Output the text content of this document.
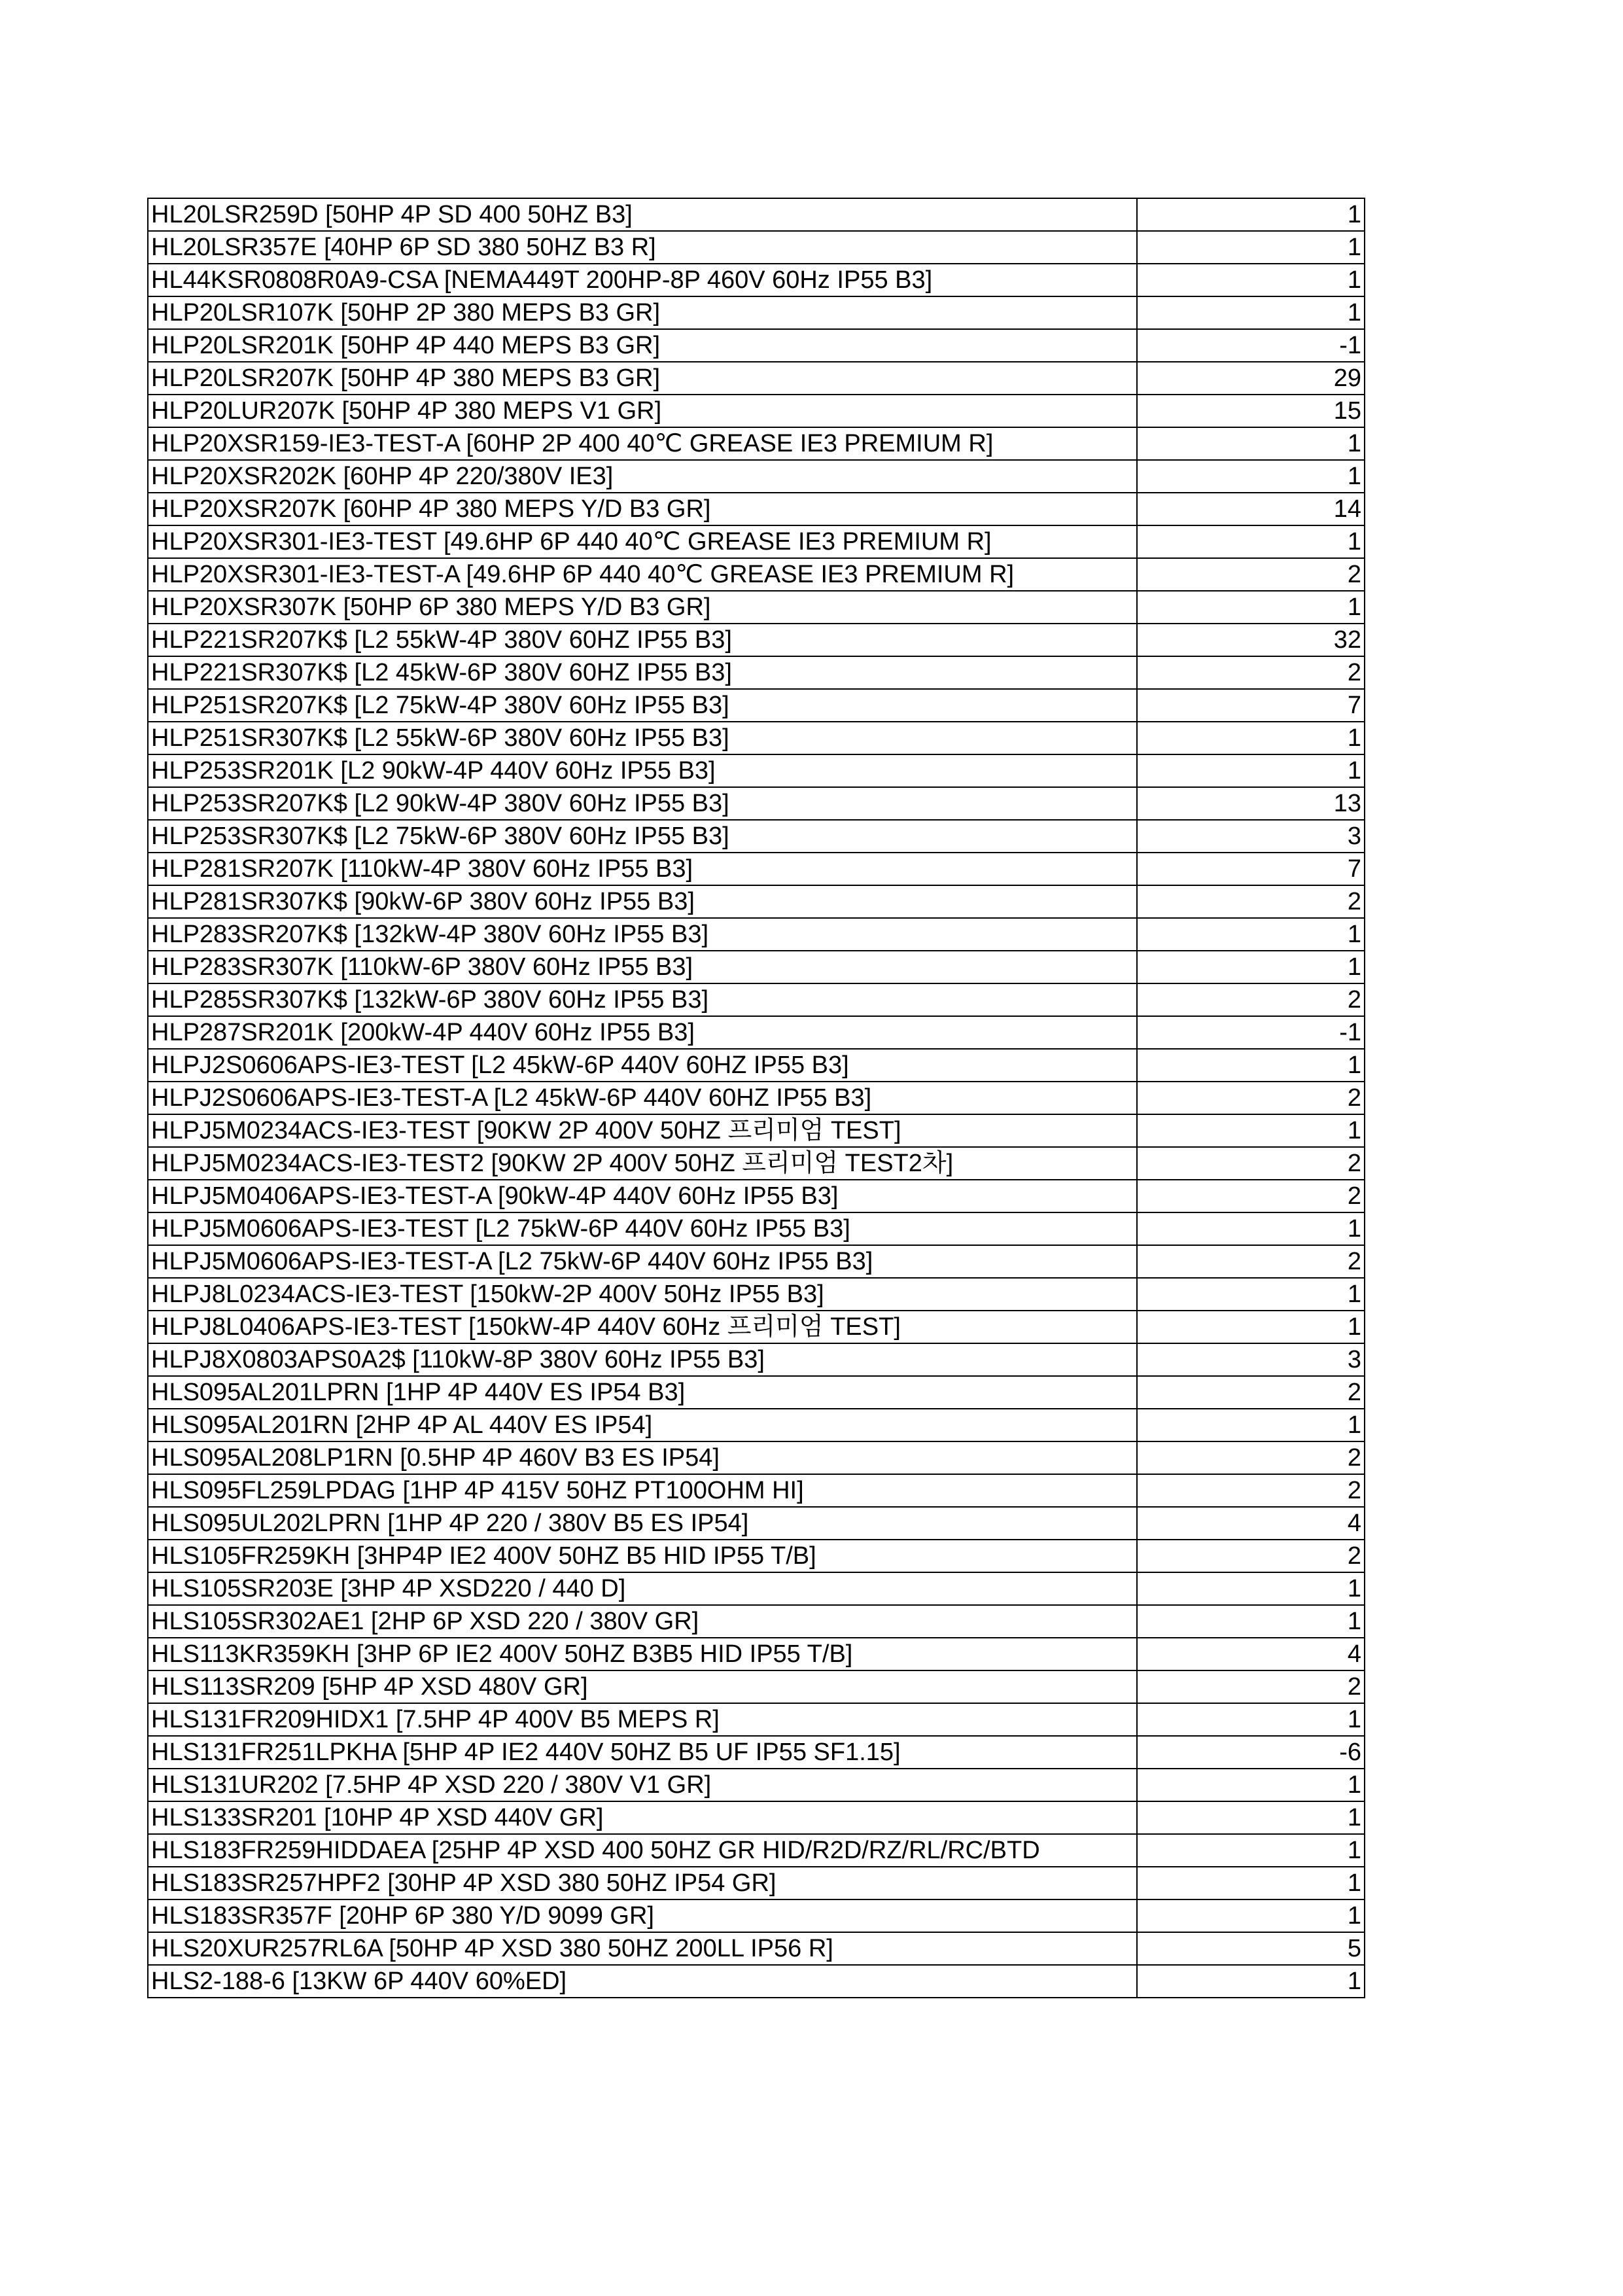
HL20LSR259D [50HP 4P SD 400 50HZ B3]	1
HL20LSR357E [40HP 6P SD 380 50HZ B3 R]	1
HL44KSR0808R0A9-CSA [NEMA449T 200HP-8P 460V 60Hz IP55 B3]	1
HLP20LSR107K [50HP 2P 380 MEPS B3 GR]	1
HLP20LSR201K [50HP 4P 440 MEPS B3 GR]	-1
HLP20LSR207K [50HP 4P 380 MEPS B3 GR]	29
HLP20LUR207K [50HP 4P 380 MEPS V1 GR]	15
HLP20XSR159-IE3-TEST-A [60HP 2P 400 40℃ GREASE IE3 PREMIUM R]	1
HLP20XSR202K [60HP 4P 220/380V IE3]	1
HLP20XSR207K [60HP 4P 380 MEPS Y/D B3 GR]	14
HLP20XSR301-IE3-TEST [49.6HP 6P 440 40℃ GREASE IE3 PREMIUM R]	1
HLP20XSR301-IE3-TEST-A [49.6HP 6P 440 40℃ GREASE IE3 PREMIUM R]	2
HLP20XSR307K [50HP 6P 380 MEPS Y/D B3 GR]	1
HLP221SR207K$ [L2 55kW-4P 380V 60HZ IP55 B3]	32
HLP221SR307K$ [L2 45kW-6P 380V 60HZ IP55 B3]	2
HLP251SR207K$ [L2 75kW-4P 380V 60Hz IP55 B3]	7
HLP251SR307K$ [L2 55kW-6P 380V 60Hz IP55 B3]	1
HLP253SR201K [L2 90kW-4P 440V 60Hz IP55 B3]	1
HLP253SR207K$ [L2 90kW-4P 380V 60Hz IP55 B3]	13
HLP253SR307K$ [L2 75kW-6P 380V 60Hz IP55 B3]	3
HLP281SR207K [110kW-4P 380V 60Hz IP55 B3]	7
HLP281SR307K$ [90kW-6P 380V 60Hz IP55 B3]	2
HLP283SR207K$ [132kW-4P 380V 60Hz IP55 B3]	1
HLP283SR307K [110kW-6P 380V 60Hz IP55 B3]	1
HLP285SR307K$ [132kW-6P 380V 60Hz IP55 B3]	2
HLP287SR201K [200kW-4P 440V 60Hz IP55 B3]	-1
HLPJ2S0606APS-IE3-TEST [L2 45kW-6P 440V 60HZ IP55 B3]	1
HLPJ2S0606APS-IE3-TEST-A [L2 45kW-6P 440V 60HZ IP55 B3]	2
HLPJ5M0234ACS-IE3-TEST [90KW 2P 400V 50HZ 프리미엄 TEST]	1
HLPJ5M0234ACS-IE3-TEST2 [90KW 2P 400V 50HZ 프리미엄 TEST2차]	2
HLPJ5M0406APS-IE3-TEST-A [90kW-4P 440V 60Hz IP55 B3]	2
HLPJ5M0606APS-IE3-TEST [L2 75kW-6P 440V 60Hz IP55 B3]	1
HLPJ5M0606APS-IE3-TEST-A [L2 75kW-6P 440V 60Hz IP55 B3]	2
HLPJ8L0234ACS-IE3-TEST [150kW-2P 400V 50Hz IP55 B3]	1
HLPJ8L0406APS-IE3-TEST [150kW-4P 440V 60Hz 프리미엄 TEST]	1
HLPJ8X0803APS0A2$ [110kW-8P 380V 60Hz IP55 B3]	3
HLS095AL201LPRN [1HP 4P 440V ES IP54 B3]	2
HLS095AL201RN [2HP 4P AL 440V ES IP54]	1
HLS095AL208LP1RN [0.5HP 4P 460V B3 ES IP54]	2
HLS095FL259LPDAG [1HP 4P 415V 50HZ PT100OHM HI]	2
HLS095UL202LPRN [1HP 4P 220 / 380V B5 ES IP54]	4
HLS105FR259KH [3HP4P IE2 400V 50HZ B5 HID IP55 T/B]	2
HLS105SR203E [3HP 4P XSD220 / 440 D]	1
HLS105SR302AE1 [2HP 6P XSD 220 / 380V GR]	1
HLS113KR359KH [3HP 6P IE2 400V 50HZ B3B5 HID IP55 T/B]	4
HLS113SR209 [5HP 4P XSD 480V GR]	2
HLS131FR209HIDX1 [7.5HP 4P 400V B5 MEPS R]	1
HLS131FR251LPKHA [5HP 4P IE2 440V 50HZ B5 UF IP55 SF1.15]	-6
HLS131UR202 [7.5HP 4P XSD 220 / 380V V1 GR]	1
HLS133SR201 [10HP 4P XSD 440V GR]	1
HLS183FR259HIDDAEA [25HP 4P XSD 400 50HZ GR HID/R2D/RZ/RL/RC/BTD	1
HLS183SR257HPF2 [30HP 4P XSD 380 50HZ IP54 GR]	1
HLS183SR357F [20HP 6P 380 Y/D 9099 GR]	1
HLS20XUR257RL6A [50HP 4P XSD 380 50HZ 200LL IP56 R]	5
HLS2-188-6 [13KW 6P 440V 60%ED]	1
